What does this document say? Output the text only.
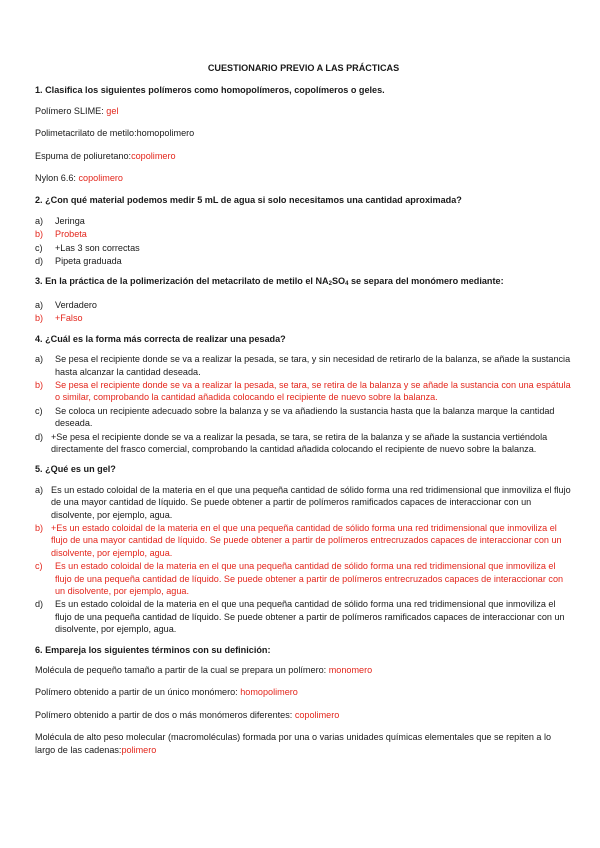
CUESTIONARIO PREVIO A LAS PRÁCTICAS
1. Clasifica los siguientes polímeros como homopolímeros, copolímeros o geles.
Polímero SLIME: gel
Polimetacrilato de metilo:homopolimero
Espuma de poliuretano:copolimero
Nylon 6.6: copolimero
2. ¿Con qué material podemos medir 5 mL de agua si solo necesitamos una cantidad aproximada?
a)	Jeringa
b)	Probeta
c)	+Las 3 son correctas
d)	Pipeta graduada
3. En la práctica de la polimerización del metacrilato de metilo el $NA_2SO_4$ se separa del monómero mediante:
a)	Verdadero
b)	+Falso
4. ¿Cuál es la forma más correcta de realizar una pesada?
a)	Se pesa el recipiente donde se va a realizar la pesada, se tara, y sin necesidad de retirarlo de la balanza, se añade la sustancia hasta alcanzar la cantidad deseada.
b)	Se pesa el recipiente donde se va a realizar la pesada, se tara, se retira de la balanza y se añade la sustancia con una espátula o similar, comprobando la cantidad añadida colocando el recipiente de nuevo sobre la balanza.
c)	Se coloca un recipiente adecuado sobre la balanza y se va añadiendo la sustancia hasta que la balanza marque la cantidad deseada.
d) +Se pesa el recipiente donde se va a realizar la pesada, se tara, se retira de la balanza y se añade la sustancia vertiéndola directamente del frasco comercial, comprobando la cantidad añadida colocando el recipiente de nuevo sobre la balanza.
5. ¿Qué es un gel?
a) Es un estado coloidal de la materia en el que una pequeña cantidad de sólido forma una red tridimensional que inmoviliza el flujo de una mayor cantidad de líquido. Se puede obtener a partir de polímeros ramificados capaces de interaccionar con un disolvente, por ejemplo, agua.
b) +Es un estado coloidal de la materia en el que una pequeña cantidad de sólido forma una red tridimensional que inmoviliza el flujo de una mayor cantidad de líquido. Se puede obtener a partir de polímeros entrecruzados capaces de interaccionar con un disolvente, por ejemplo, agua.
c)	Es un estado coloidal de la materia en el que una pequeña cantidad de sólido forma una red tridimensional que inmoviliza el flujo de una pequeña cantidad de líquido. Se puede obtener a partir de polímeros entrecruzados capaces de interaccionar con un disolvente, por ejemplo, agua.
d)	Es un estado coloidal de la materia en el que una pequeña cantidad de sólido forma una red tridimensional que inmoviliza el flujo de una pequeña cantidad de líquido. Se puede obtener a partir de polímeros ramificados capaces de interaccionar con un disolvente, por ejemplo, agua.
6. Empareja los siguientes términos con su definición:
Molécula de pequeño tamaño a partir de la cual se prepara un polímero: monomero
Polímero obtenido a partir de un único monómero: homopolimero
Polímero obtenido a partir de dos o más monómeros diferentes: copolimero
Molécula de alto peso molecular (macromoléculas) formada por una o varias unidades químicas elementales que se repiten a lo largo de las cadenas:polimero
